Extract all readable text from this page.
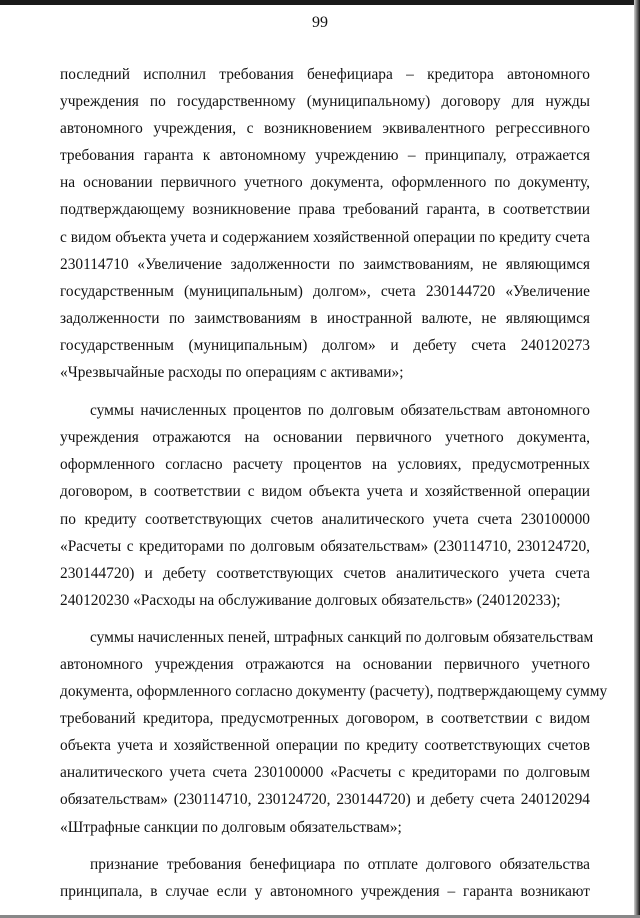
99
последний исполнил требования бенефициара – кредитора автономного
учреждения по государственному (муниципальному) договору для нужды
автономного учреждения, с возникновением эквивалентного регрессивного
требования гаранта к автономному учреждению – принципалу, отражается
на основании первичного учетного документа, оформленного по документу,
подтверждающему возникновение права требований гаранта, в соответствии
с видом объекта учета и содержанием хозяйственной операции по кредиту счета
230114710 «Увеличение задолженности по заимствованиям, не являющимся
государственным (муниципальным) долгом», счета 230144720 «Увеличение
задолженности по заимствованиям в иностранной валюте, не являющимся
государственным (муниципальным) долгом» и дебету счета 240120273
«Чрезвычайные расходы по операциям с активами»;
суммы начисленных процентов по долговым обязательствам автономного
учреждения отражаются на основании первичного учетного документа,
оформленного согласно расчету процентов на условиях, предусмотренных
договором, в соответствии с видом объекта учета и хозяйственной операции
по кредиту соответствующих счетов аналитического учета счета 230100000
«Расчеты с кредиторами по долговым обязательствам» (230114710, 230124720,
230144720) и дебету соответствующих счетов аналитического учета счета
240120230 «Расходы на обслуживание долговых обязательств» (240120233);
суммы начисленных пеней, штрафных санкций по долговым обязательствам
автономного учреждения отражаются на основании первичного учетного
документа, оформленного согласно документу (расчету), подтверждающему сумму
требований кредитора, предусмотренных договором, в соответствии с видом
объекта учета и хозяйственной операции по кредиту соответствующих счетов
аналитического учета счета 230100000 «Расчеты с кредиторами по долговым
обязательствам» (230114710, 230124720, 230144720) и дебету счета 240120294
«Штрафные санкции по долговым обязательствам»;
признание требования бенефициара по отплате долгового обязательства
принципала, в случае если у автономного учреждения – гаранта возникают
